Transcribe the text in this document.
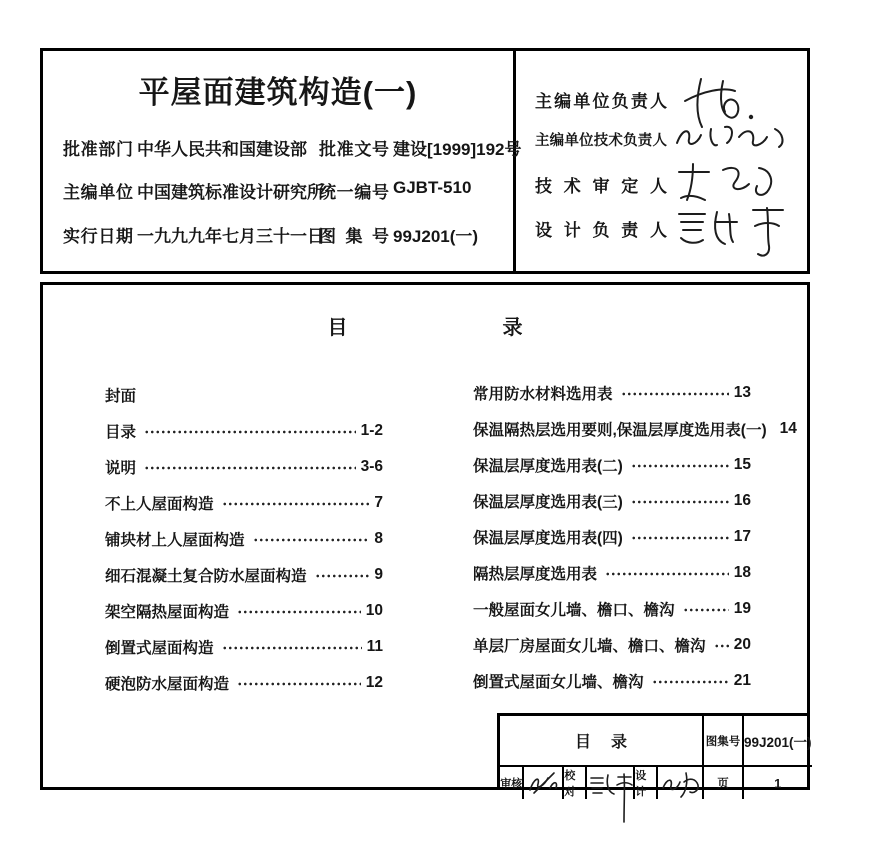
平屋面建筑构造(一)
批准部门 中华人民共和国建设部 批准文号 建设[1999]192号
主编单位 中国建筑标准设计研究所
统一编号 GJBT-510
实行日期 一九九九年七月三十一日
图集号 99J201(一)
主编单位负责人
主编单位技术负责人
技术审定人
设计负责人
目录
封面
目录	1-2
说明	3-6
不上人屋面构造	7
铺块材上人屋面构造	8
细石混凝土复合防水屋面构造	9
架空隔热屋面构造	10
倒置式屋面构造	11
硬泡防水屋面构造	12
常用防水材料选用表	13
保温隔热层选用要则,保温层厚度选用表(一) 14
保温层厚度选用表(二)	15
保温层厚度选用表(三)	16
保温层厚度选用表(四)	17
隔热层厚度选用表	18
一般屋面女儿墙、檐口、檐沟	19
单层厂房屋面女儿墙、檐口、檐沟 20
倒置式屋面女儿墙、檐沟	21
目录	图集号 99J201(一)
审核
校对
设计
页	1
